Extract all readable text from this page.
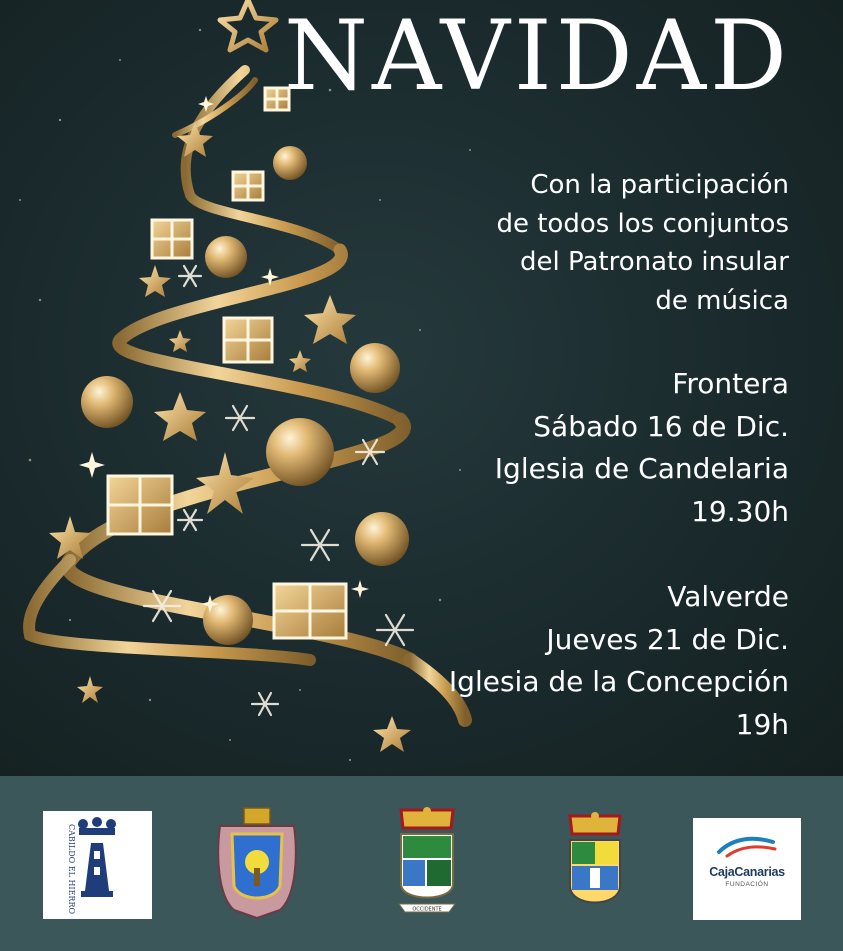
NAVIDAD
Con la participación
de todos los conjuntos
del Patronato insular
de música
Frontera
Sábado 16 de Dic.
Iglesia de Candelaria
19.30h
Valverde
Jueves 21 de Dic.
Iglesia de la Concepción
19h
CABILDO EL HIERRO	OCCIDENTE
CajaCanarias
FUNDACIÓN
